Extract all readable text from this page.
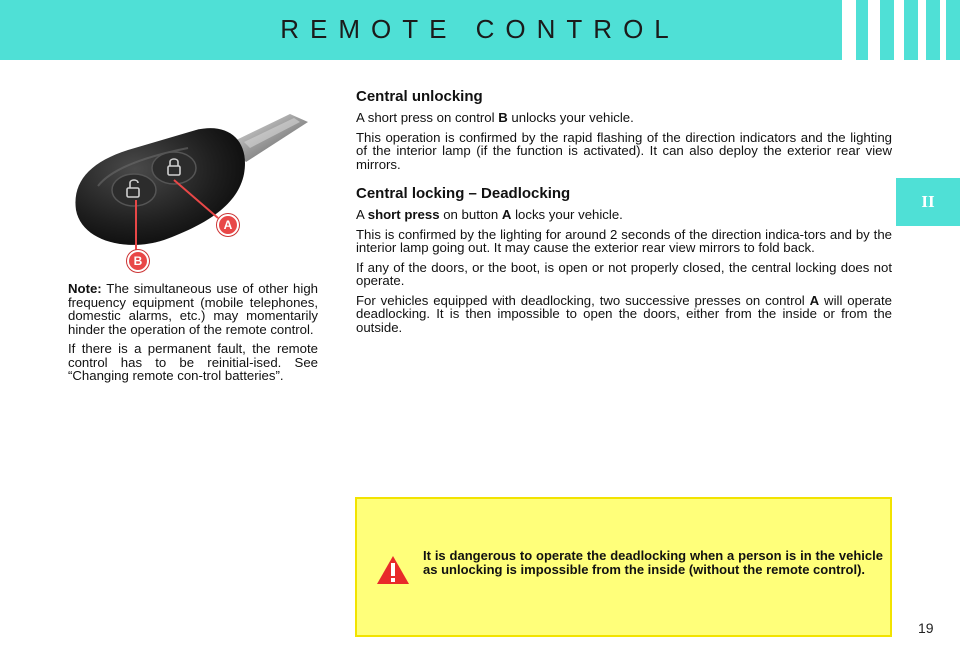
REMOTE CONTROL
II
A
B

Note: The simultaneous use of other high frequency equipment (mobile telephones, domestic alarms, etc.) may momentarily hinder the operation of the remote control.

If there is a permanent fault, the remote control has to be reinitial-ised. See “Changing remote con-trol batteries”.

Central unlocking

A short press on control B unlocks your vehicle.

This operation is confirmed by the rapid flashing of the direction indicators and the lighting of the interior lamp (if the function is activated). It can also deploy the exterior rear view mirrors.

Central locking – Deadlocking

A short press on button A locks your vehicle.

This is confirmed by the lighting for around 2 seconds of the direction indica-tors and by the interior lamp going out. It may cause the exterior rear view mirrors to fold back.

If any of the doors, or the boot, is open or not properly closed, the central locking does not operate.

For vehicles equipped with deadlocking, two successive presses on control A will operate deadlocking. It is then impossible to open the doors, either from the inside or from the outside.

It is dangerous to operate the deadlocking when a person is in the vehicle as unlocking is impossible from the inside (without the remote control).
19
